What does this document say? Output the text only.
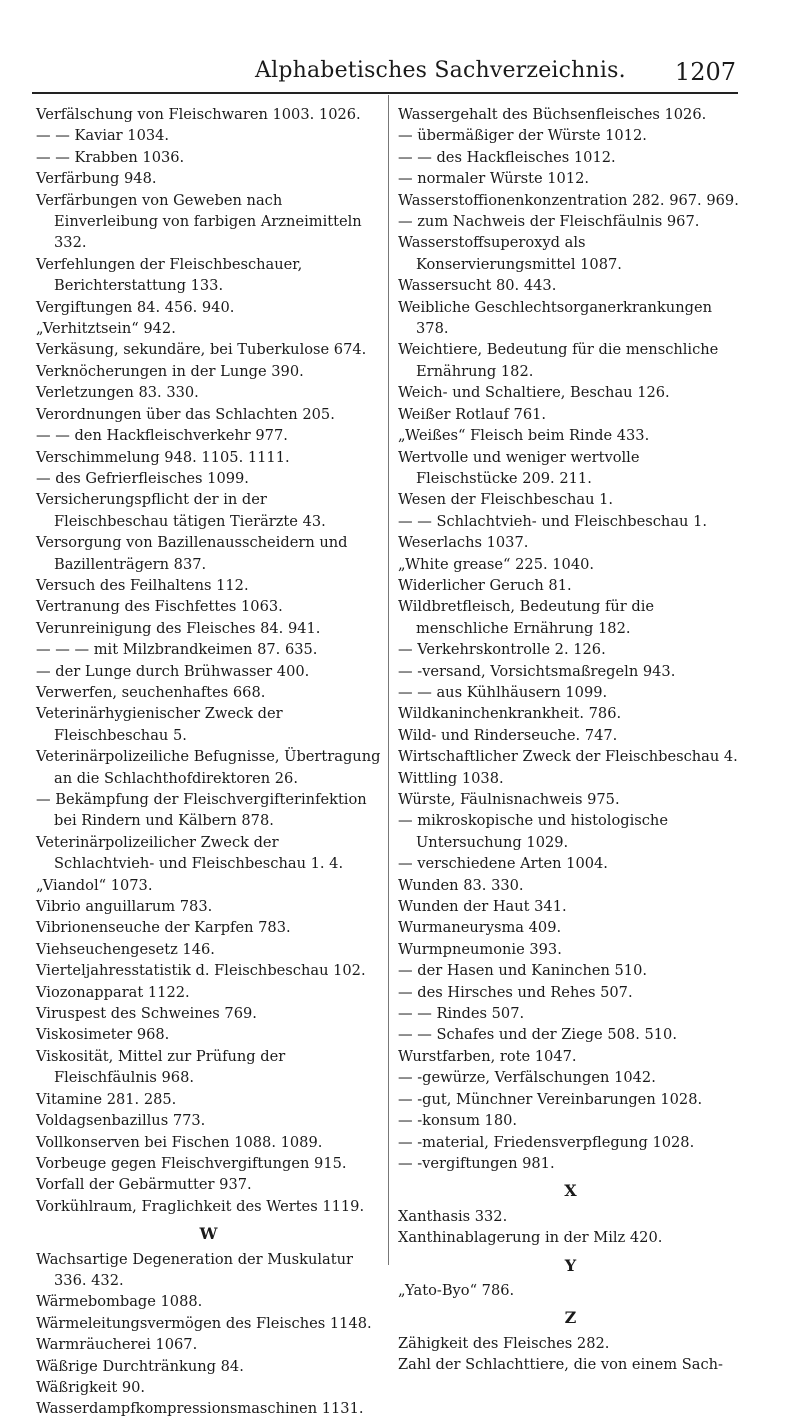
Alphabetisches Sachverzeichnis. 1207
Verfälschung von Fleischwaren 1003. 1026.
— — Kaviar 1034.
— — Krabben 1036.
Verfärbung 948.
Verfärbungen von Geweben nach Einverleibung von farbigen Arzneimitteln 332.
Verfehlungen der Fleischbeschauer, Berichterstattung 133.
Vergiftungen 84. 456. 940.
„Verhitztsein“ 942.
Verkäsung, sekundäre, bei Tuberkulose 674.
Verknöcherungen in der Lunge 390.
Verletzungen 83. 330.
Verordnungen über das Schlachten 205.
— — den Hackfleischverkehr 977.
Verschimmelung 948. 1105. 1111.
— des Gefrierfleisches 1099.
Versicherungspflicht der in der Fleischbeschau tätigen Tierärzte 43.
Versorgung von Bazillenausscheidern und Bazillenträgern 837.
Versuch des Feilhaltens 112.
Vertranung des Fischfettes 1063.
Verunreinigung des Fleisches 84. 941.
— — — mit Milzbrandkeimen 87. 635.
— der Lunge durch Brühwasser 400.
Verwerfen, seuchenhaftes 668.
Veterinärhygienischer Zweck der Fleischbeschau 5.
Veterinärpolizeiliche Befugnisse, Übertragung an die Schlachthofdirektoren 26.
— Bekämpfung der Fleischvergifterinfektion bei Rindern und Kälbern 878.
Veterinärpolizeilicher Zweck der Schlachtvieh- und Fleischbeschau 1. 4.
„Viandol“ 1073.
Vibrio anguillarum 783.
Vibrionenseuche der Karpfen 783.
Viehseuchengesetz 146.
Vierteljahresstatistik d. Fleischbeschau 102.
Viozonapparat 1122.
Viruspest des Schweines 769.
Viskosimeter 968.
Viskosität, Mittel zur Prüfung der Fleischfäulnis 968.
Vitamine 281. 285.
Voldagsenbazillus 773.
Vollkonserven bei Fischen 1088. 1089.
Vorbeuge gegen Fleischvergiftungen 915.
Vorfall der Gebärmutter 937.
Vorkühlraum, Fraglichkeit des Wertes 1119.
W
Wachsartige Degeneration der Muskulatur 336. 432.
Wärmebombage 1088.
Wärmeleitungsvermögen des Fleisches 1148.
Warmräucherei 1067.
Wäßrige Durchtränkung 84.
Wäßrigkeit 90.
Wasserdampfkompressionsmaschinen 1131.
Wassergehalt des Büchsenfleisches 1026.
— übermäßiger der Würste 1012.
— — des Hackfleisches 1012.
— normaler Würste 1012.
Wasserstoffionenkonzentration 282. 967. 969.
— zum Nachweis der Fleischfäulnis 967.
Wasserstoffsuperoxyd als Konservierungsmittel 1087.
Wassersucht 80. 443.
Weibliche Geschlechtsorganerkrankungen 378.
Weichtiere, Bedeutung für die menschliche Ernährung 182.
Weich- und Schaltiere, Beschau 126.
Weißer Rotlauf 761.
„Weißes“ Fleisch beim Rinde 433.
Wertvolle und weniger wertvolle Fleischstücke 209. 211.
Wesen der Fleischbeschau 1.
— — Schlachtvieh- und Fleischbeschau 1.
Weserlachs 1037.
„White grease“ 225. 1040.
Widerlicher Geruch 81.
Wildbretfleisch, Bedeutung für die menschliche Ernährung 182.
— Verkehrskontrolle 2. 126.
— -versand, Vorsichtsmaßregeln 943.
— — aus Kühlhäusern 1099.
Wildkaninchenkrankheit. 786.
Wild- und Rinderseuche. 747.
Wirtschaftlicher Zweck der Fleischbeschau 4.
Wittling 1038.
Würste, Fäulnisnachweis 975.
— mikroskopische und histologische Untersuchung 1029.
— verschiedene Arten 1004.
Wunden 83. 330.
Wunden der Haut 341.
Wurmaneurysma 409.
Wurmpneumonie 393.
— der Hasen und Kaninchen 510.
— des Hirsches und Rehes 507.
— — Rindes 507.
— — Schafes und der Ziege 508. 510.
Wurstfarben, rote 1047.
— -gewürze, Verfälschungen 1042.
— -gut, Münchner Vereinbarungen 1028.
— -konsum 180.
— -material, Friedensverpflegung 1028.
— -vergiftungen 981.
X
Xanthasis 332.
Xanthinablagerung in der Milz 420.
Y
„Yato-Byo“ 786.
Z
Zähigkeit des Fleisches 282.
Zahl der Schlachttiere, die von einem Sach-
